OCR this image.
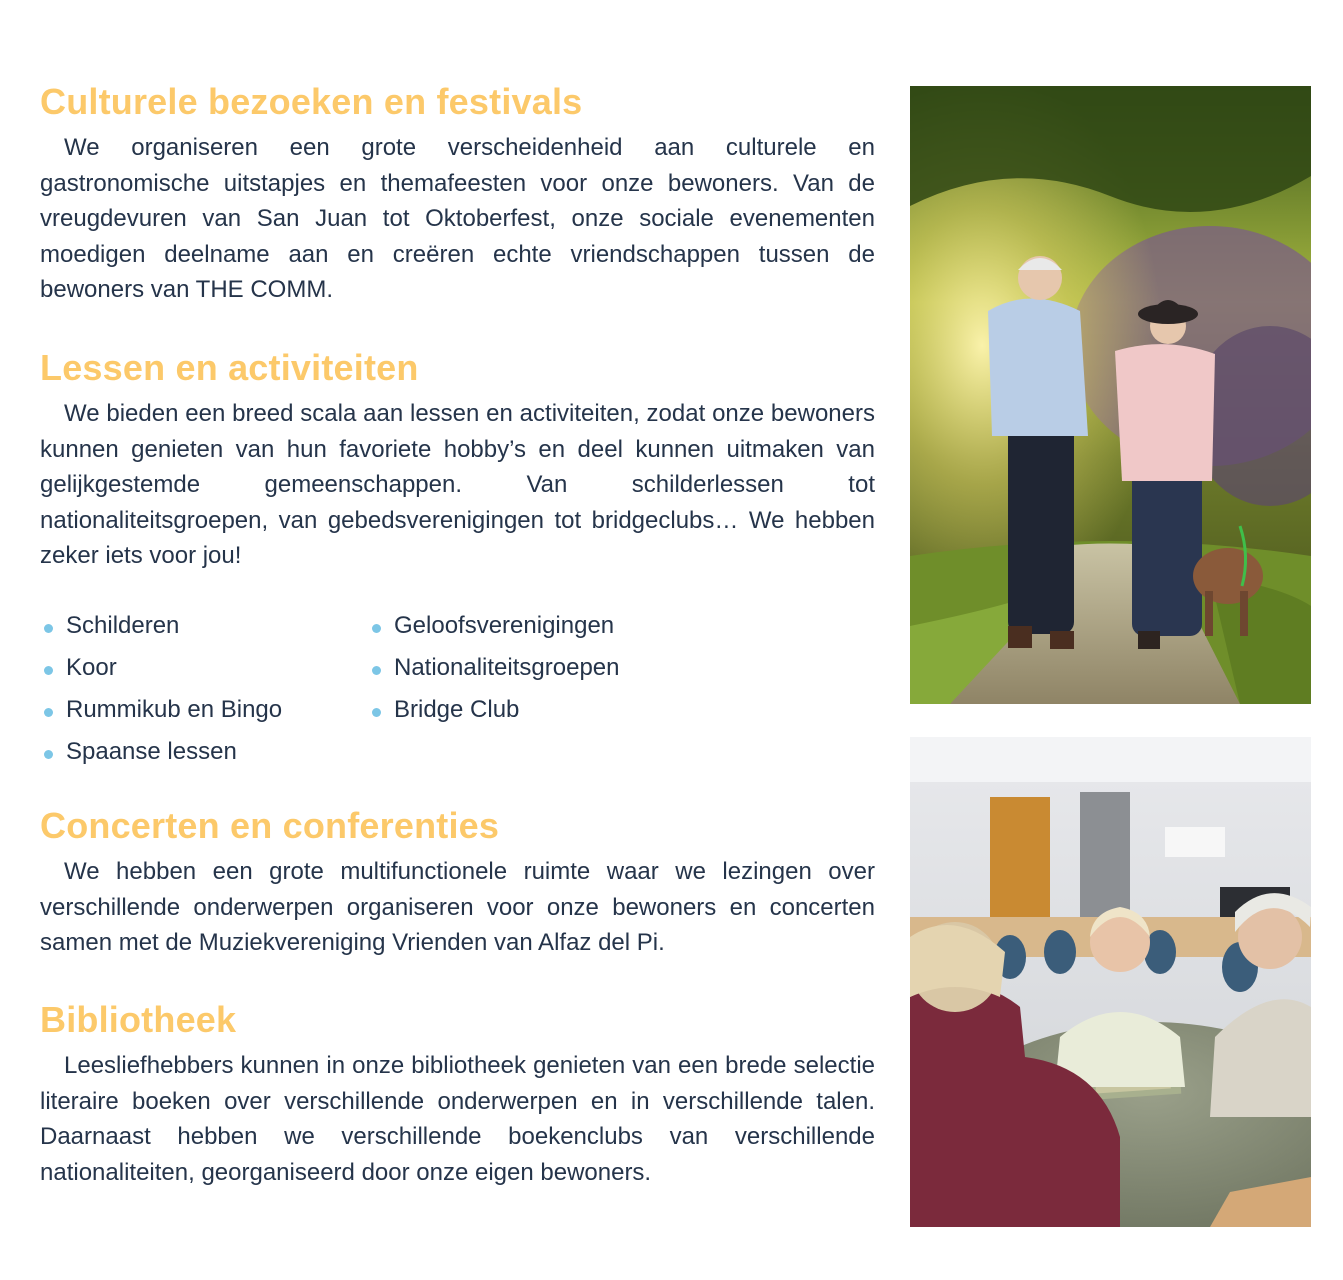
Culturele bezoeken en festivals

We organiseren een grote verscheidenheid aan culturele en gastronomische uitstapjes en themafeesten voor onze bewoners. Van de vreugdevuren van San Juan tot Oktoberfest, onze sociale evenementen moedigen deelname aan en creëren echte vriendschappen tussen de bewoners van THE COMM.

Lessen en activiteiten

We bieden een breed scala aan lessen en activiteiten, zodat onze bewoners kunnen genieten van hun favoriete hobby’s en deel kunnen uitmaken van gelijkgestemde gemeenschappen. Van schilderlessen tot nationaliteitsgroepen, van gebedsverenigingen tot bridgeclubs… We hebben zeker iets voor jou!

Schilderen
Koor
Rummikub en Bingo
Spaanse lessen
Geloofsverenigingen
Nationaliteitsgroepen
Bridge Club
Concerten en conferenties

We hebben een grote multifunctionele ruimte waar we lezingen over verschillende onderwerpen organiseren voor onze bewoners en concerten samen met de Muziekvereniging Vrienden van Alfaz del Pi.

Bibliotheek

Leesliefhebbers kunnen in onze bibliotheek genieten van een brede selectie literaire boeken over verschillende onderwerpen en in verschillende talen. Daarnaast hebben we verschillende boekenclubs van verschillende nationaliteiten, georganiseerd door onze eigen bewoners.
